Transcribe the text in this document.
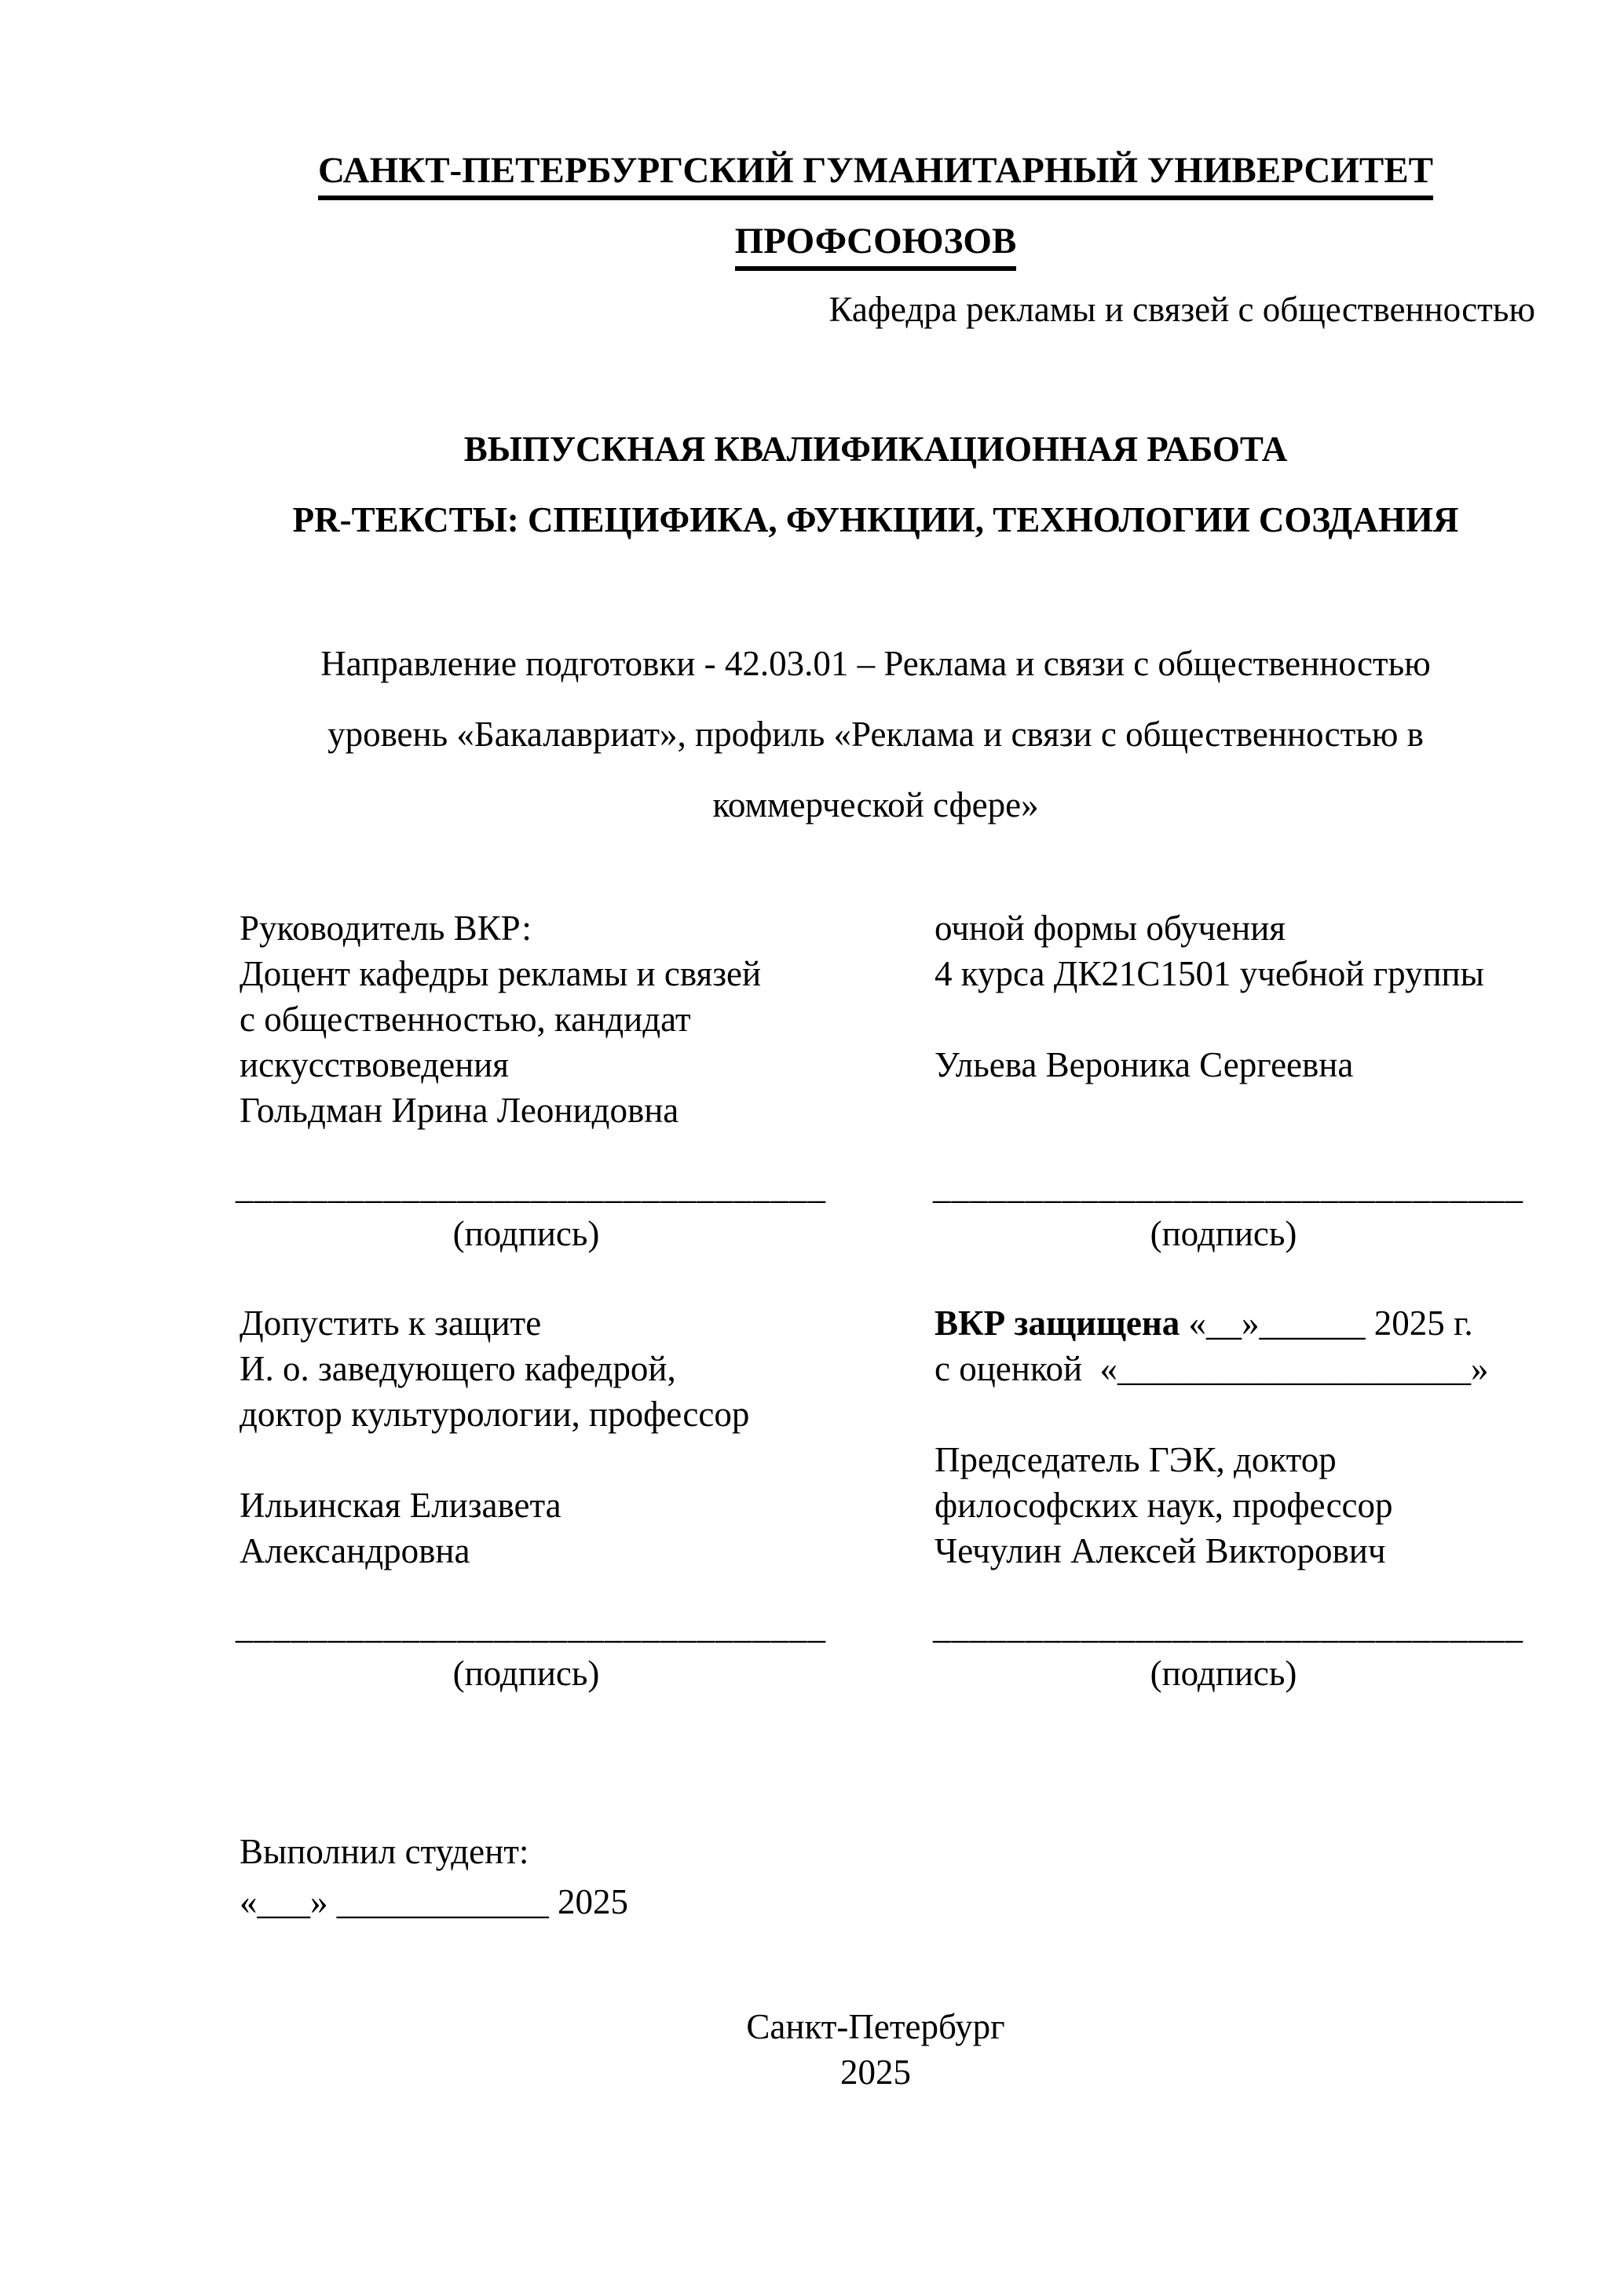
САНКТ-ПЕТЕРБУРГСКИЙ ГУМАНИТАРНЫЙ УНИВЕРСИТЕТ
ПРОФСОЮЗОВ
Кафедра рекламы и связей с общественностью
ВЫПУСКНАЯ КВАЛИФИКАЦИОННАЯ РАБОТА
PR-ТЕКСТЫ: СПЕЦИФИКА, ФУНКЦИИ, ТЕХНОЛОГИИ СОЗДАНИЯ
Направление подготовки - 42.03.01 – Реклама и связи с общественностью
уровень «Бакалавриат», профиль «Реклама и связи с общественностью в
коммерческой сфере»
Руководитель ВКР:
Доцент кафедры рекламы и связей
с общественностью, кандидат
искусствоведения
Гольдман Ирина Леонидовна
очной формы обучения
4 курса ДК21С1501 учебной группы
Ульева Вероника Сергеевна
________________________________
(подпись)
________________________________
(подпись)
Допустить к защите
И. о. заведующего кафедрой,
доктор культурологии, профессор
Ильинская Елизавета
Александровна
ВКР защищена «__»______ 2025 г.
с оценкой  «____________________»
Председатель ГЭК, доктор
философских наук, профессор
Чечулин Алексей Викторович
________________________________
(подпись)
________________________________
(подпись)
Выполнил студент:
«___» ____________ 2025
Санкт-Петербург
2025
